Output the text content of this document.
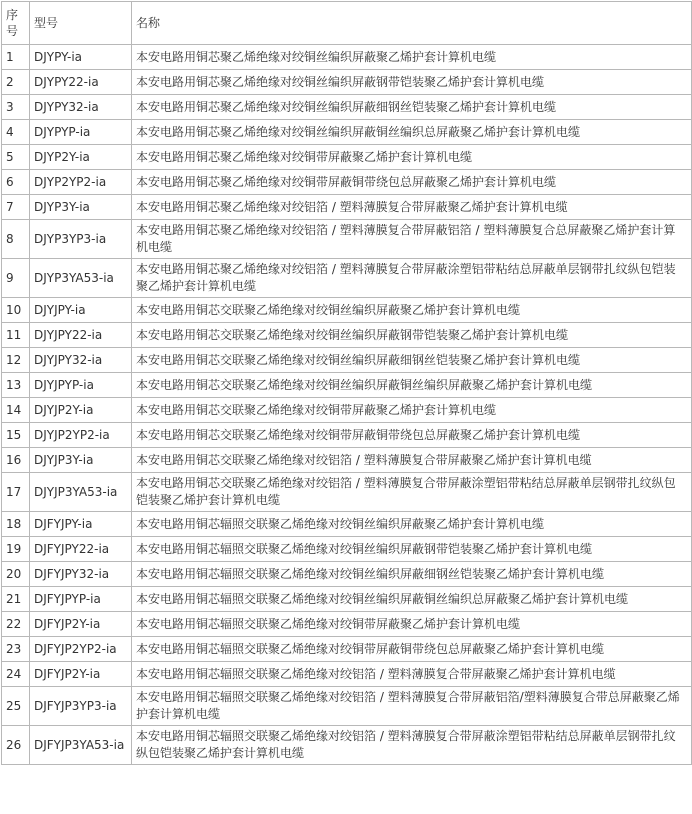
序号	型号	名称
1	DJYPY-ia	本安电路用铜芯聚乙烯绝缘对绞铜丝编织屏蔽聚乙烯护套计算机电缆
2	DJYPY22-ia	本安电路用铜芯聚乙烯绝缘对绞铜丝编织屏蔽钢带铠装聚乙烯护套计算机电缆
3	DJYPY32-ia	本安电路用铜芯聚乙烯绝缘对绞铜丝编织屏蔽细钢丝铠装聚乙烯护套计算机电缆
4	DJYPYP-ia	本安电路用铜芯聚乙烯绝缘对绞铜丝编织屏蔽铜丝编织总屏蔽聚乙烯护套计算机电缆
5	DJYP2Y-ia	本安电路用铜芯聚乙烯绝缘对绞铜带屏蔽聚乙烯护套计算机电缆
6	DJYP2YP2-ia	本安电路用铜芯聚乙烯绝缘对绞铜带屏蔽铜带绕包总屏蔽聚乙烯护套计算机电缆
7	DJYP3Y-ia	本安电路用铜芯聚乙烯绝缘对绞铝箔 / 塑料薄膜复合带屏蔽聚乙烯护套计算机电缆
8	DJYP3YP3-ia	本安电路用铜芯聚乙烯绝缘对绞铝箔 / 塑料薄膜复合带屏蔽铝箔 / 塑料薄膜复合总屏蔽聚乙烯护套计算机电缆
9	DJYP3YA53-ia	本安电路用铜芯聚乙烯绝缘对绞铝箔 / 塑料薄膜复合带屏蔽涂塑铝带粘结总屏蔽单层钢带扎纹纵包铠装聚乙烯护套计算机电缆
10	DJYJPY-ia	本安电路用铜芯交联聚乙烯绝缘对绞铜丝编织屏蔽聚乙烯护套计算机电缆
11	DJYJPY22-ia	本安电路用铜芯交联聚乙烯绝缘对绞铜丝编织屏蔽钢带铠装聚乙烯护套计算机电缆
12	DJYJPY32-ia	本安电路用铜芯交联聚乙烯绝缘对绞铜丝编织屏蔽细钢丝铠装聚乙烯护套计算机电缆
13	DJYJPYP-ia	本安电路用铜芯交联聚乙烯绝缘对绞铜丝编织屏蔽铜丝编织屏蔽聚乙烯护套计算机电缆
14	DJYJP2Y-ia	本安电路用铜芯交联聚乙烯绝缘对绞铜带屏蔽聚乙烯护套计算机电缆
15	DJYJP2YP2-ia	本安电路用铜芯交联聚乙烯绝缘对绞铜带屏蔽铜带绕包总屏蔽聚乙烯护套计算机电缆
16	DJYJP3Y-ia	本安电路用铜芯交联聚乙烯绝缘对绞铝箔 / 塑料薄膜复合带屏蔽聚乙烯护套计算机电缆
17	DJYJP3YA53-ia	本安电路用铜芯交联聚乙烯绝缘对绞铝箔 / 塑料薄膜复合带屏蔽涂塑铝带粘结总屏蔽单层钢带扎纹纵包铠装聚乙烯护套计算机电缆
18	DJFYJPY-ia	本安电路用铜芯辐照交联聚乙烯绝缘对绞铜丝编织屏蔽聚乙烯护套计算机电缆
19	DJFYJPY22-ia	本安电路用铜芯辐照交联聚乙烯绝缘对绞铜丝编织屏蔽钢带铠装聚乙烯护套计算机电缆
20	DJFYJPY32-ia	本安电路用铜芯辐照交联聚乙烯绝缘对绞铜丝编织屏蔽细钢丝铠装聚乙烯护套计算机电缆
21	DJFYJPYP-ia	本安电路用铜芯辐照交联聚乙烯绝缘对绞铜丝编织屏蔽铜丝编织总屏蔽聚乙烯护套计算机电缆
22	DJFYJP2Y-ia	本安电路用铜芯辐照交联聚乙烯绝缘对绞铜带屏蔽聚乙烯护套计算机电缆
23	DJFYJP2YP2-ia	本安电路用铜芯辐照交联聚乙烯绝缘对绞铜带屏蔽铜带绕包总屏蔽聚乙烯护套计算机电缆
24	DJFYJP2Y-ia	本安电路用铜芯辐照交联聚乙烯绝缘对绞铝箔 / 塑料薄膜复合带屏蔽聚乙烯护套计算机电缆
25	DJFYJP3YP3-ia	本安电路用铜芯辐照交联聚乙烯绝缘对绞铝箔 / 塑料薄膜复合带屏蔽铝箔/塑料薄膜复合带总屏蔽聚乙烯护套计算机电缆
26	DJFYJP3YA53-ia	本安电路用铜芯辐照交联聚乙烯绝缘对绞铝箔 / 塑料薄膜复合带屏蔽涂塑铝带粘结总屏蔽单层钢带扎纹纵包铠装聚乙烯护套计算机电缆
